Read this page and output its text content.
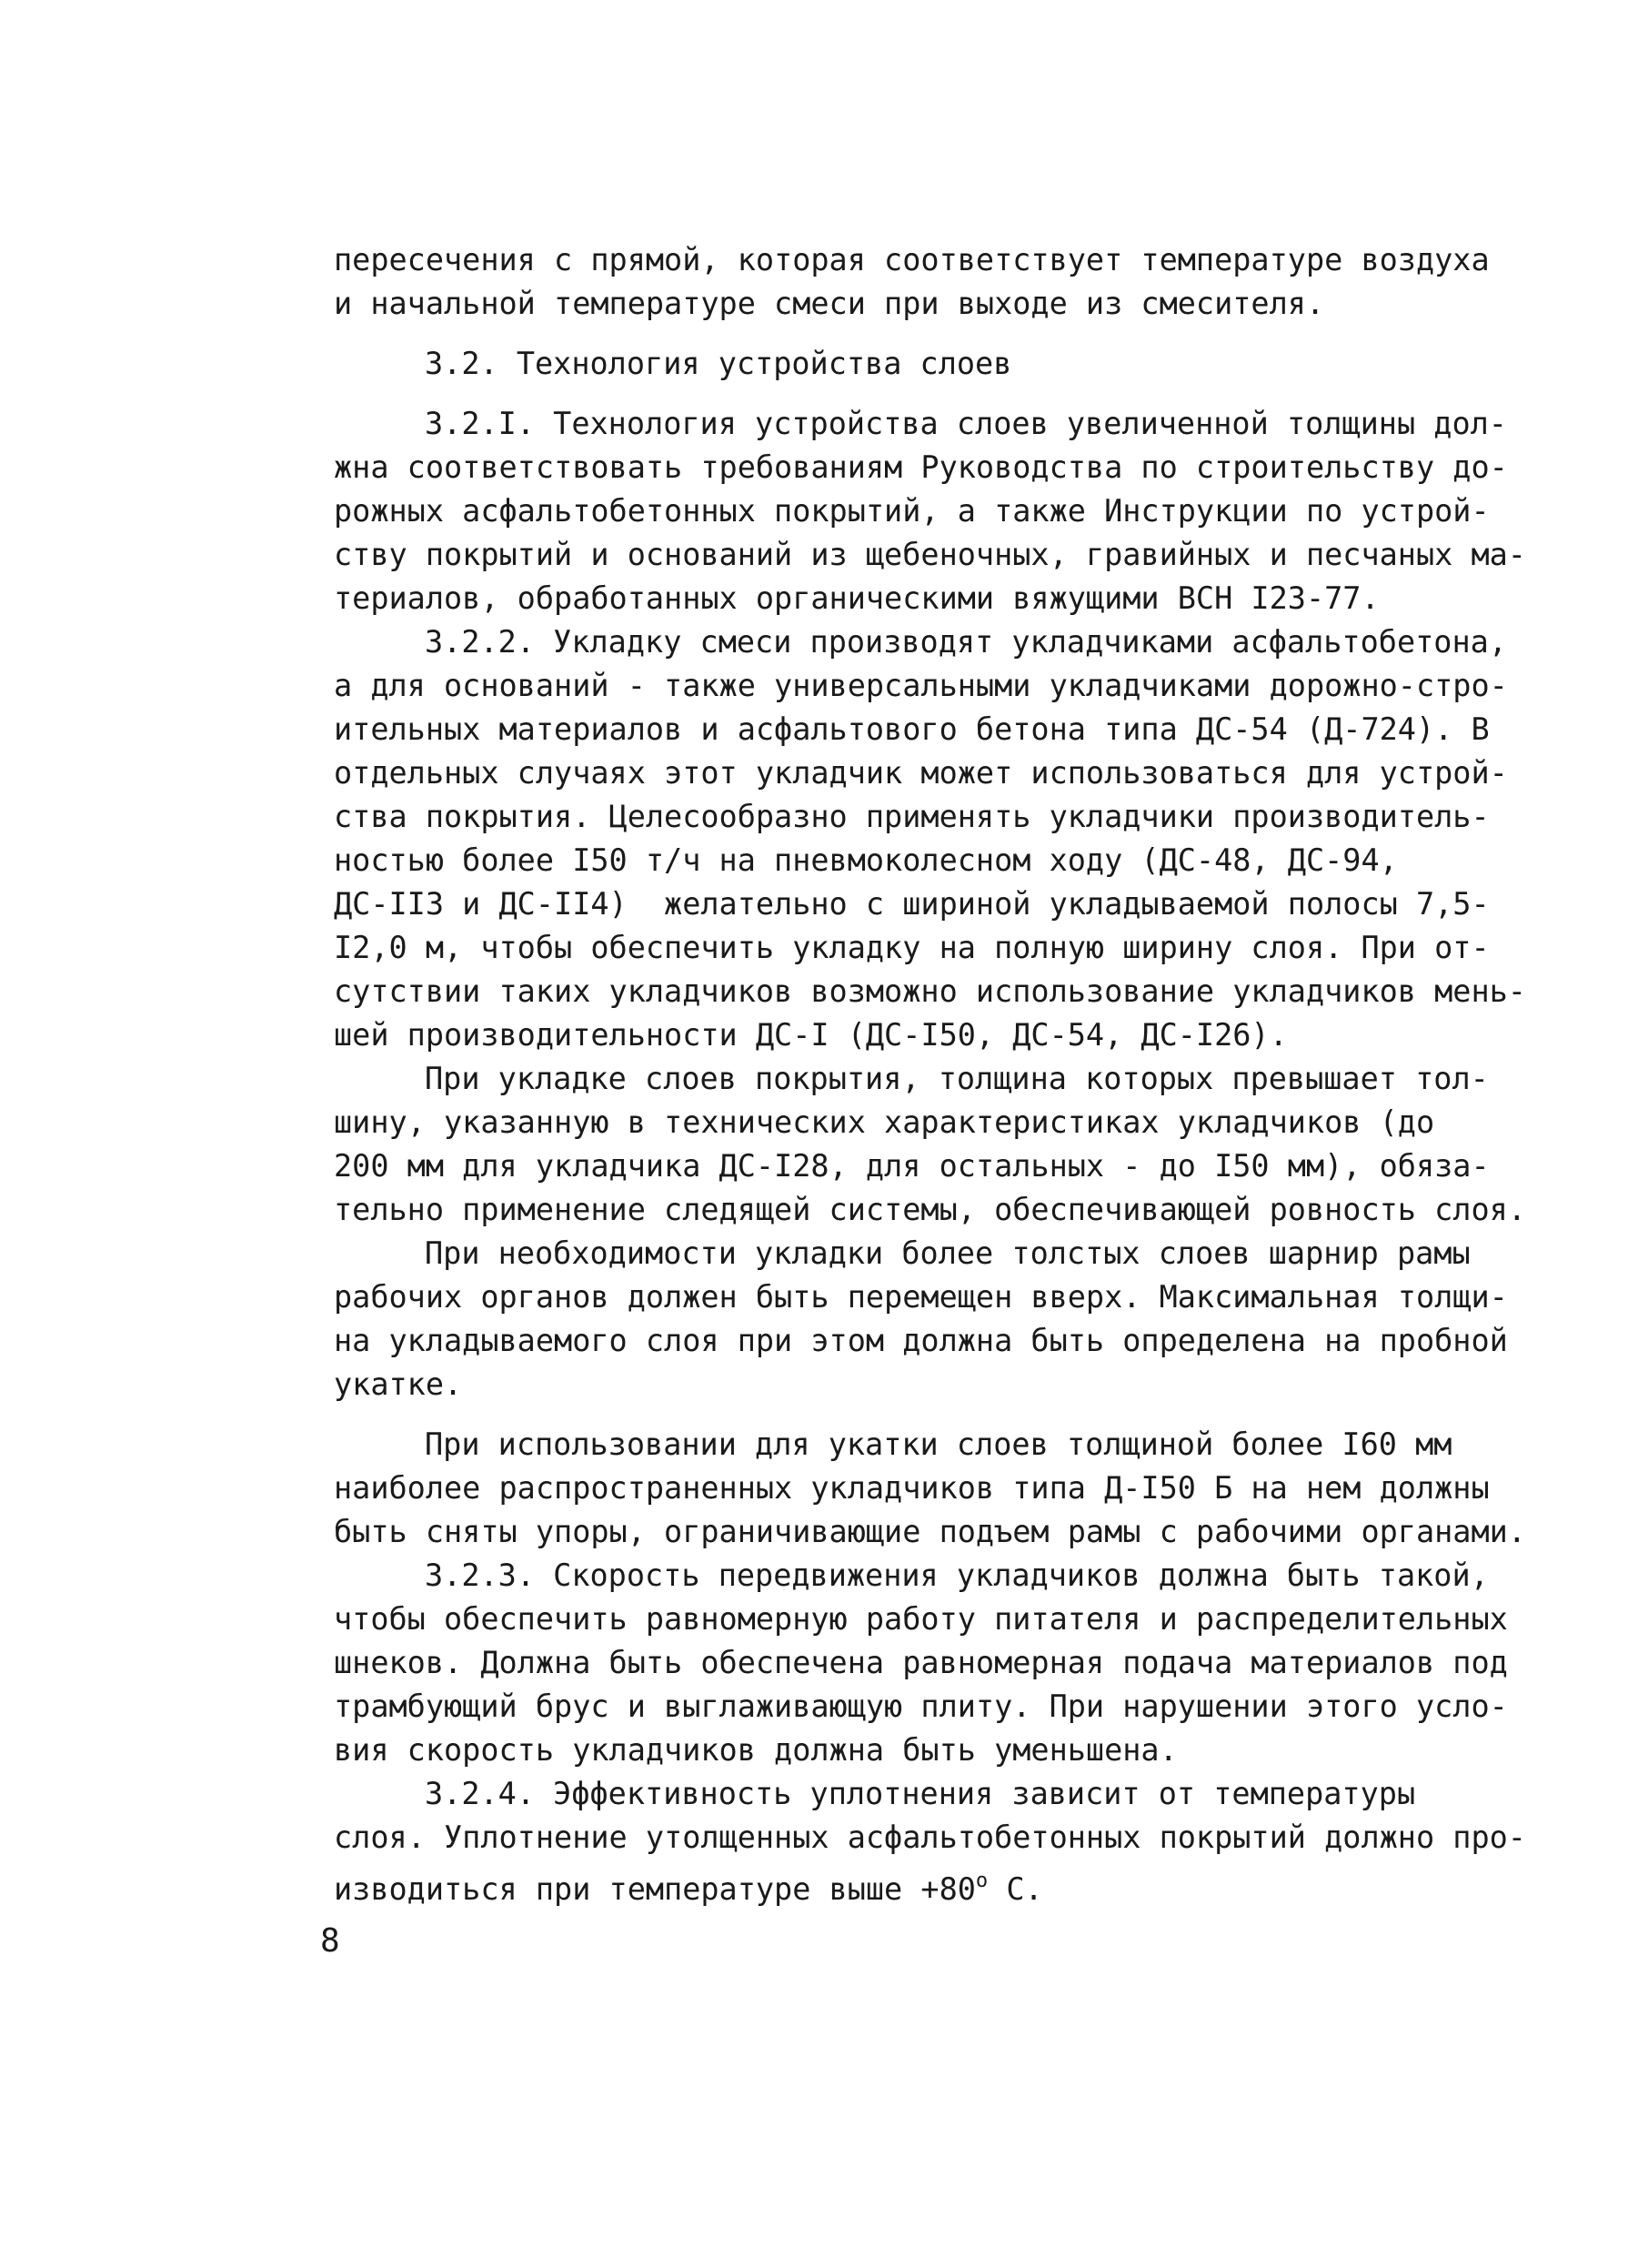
пересечения с прямой, которая соответствует температуре воздуха
и начальной температуре смеси при выходе из смесителя.
3.2. Технология устройства слоев
3.2.I. Технология устройства слоев увеличенной толщины дол-
жна соответствовать требованиям Руководства по строительству до-
рожных асфальтобетонных покрытий, а также Инструкции по устрой-
ству покрытий и оснований из щебеночных, гравийных и песчаных ма-
териалов, обработанных органическими вяжущими ВСН I23-77.
3.2.2. Укладку смеси производят укладчиками асфальтобетона,
а для оснований - также универсальными укладчиками дорожно-стро-
ительных материалов и асфальтового бетона типа ДС-54 (Д-724). В
отдельных случаях этот укладчик может использоваться для устрой-
ства покрытия. Целесообразно применять укладчики производитель-
ностью более I50 т/ч на пневмоколесном ходу (ДС-48, ДС-94,
ДС-II3 и ДС-II4)  желательно с шириной укладываемой полосы 7,5-
I2,0 м, чтобы обеспечить укладку на полную ширину слоя. При от-
сутствии таких укладчиков возможно использование укладчиков мень-
шей производительности ДС-I (ДС-I50, ДС-54, ДС-I26).
При укладке слоев покрытия, толщина которых превышает тол-
шину, указанную в технических характеристиках укладчиков (до
200 мм для укладчика ДС-I28, для остальных - до I50 мм), обяза-
тельно применение следящей системы, обеспечивающей ровность слоя.
При необходимости укладки более толстых слоев шарнир рамы
рабочих органов должен быть перемещен вверх. Максимальная толщи-
на укладываемого слоя при этом должна быть определена на пробной
укатке.
При использовании для укатки слоев толщиной более I60 мм
наиболее распространенных укладчиков типа Д-I50 Б на нем должны
быть сняты упоры, ограничивающие подъем рамы с рабочими органами.
3.2.3. Скорость передвижения укладчиков должна быть такой,
чтобы обеспечить равномерную работу питателя и распределительных
шнеков. Должна быть обеспечена равномерная подача материалов под
трамбующий брус и выглаживающую плиту. При нарушении этого усло-
вия скорость укладчиков должна быть уменьшена.
3.2.4. Эффективность уплотнения зависит от температуры
слоя. Уплотнение утолщенных асфальтобетонных покрытий должно про-
изводиться при температуре выше $+80^o$ С.
8
